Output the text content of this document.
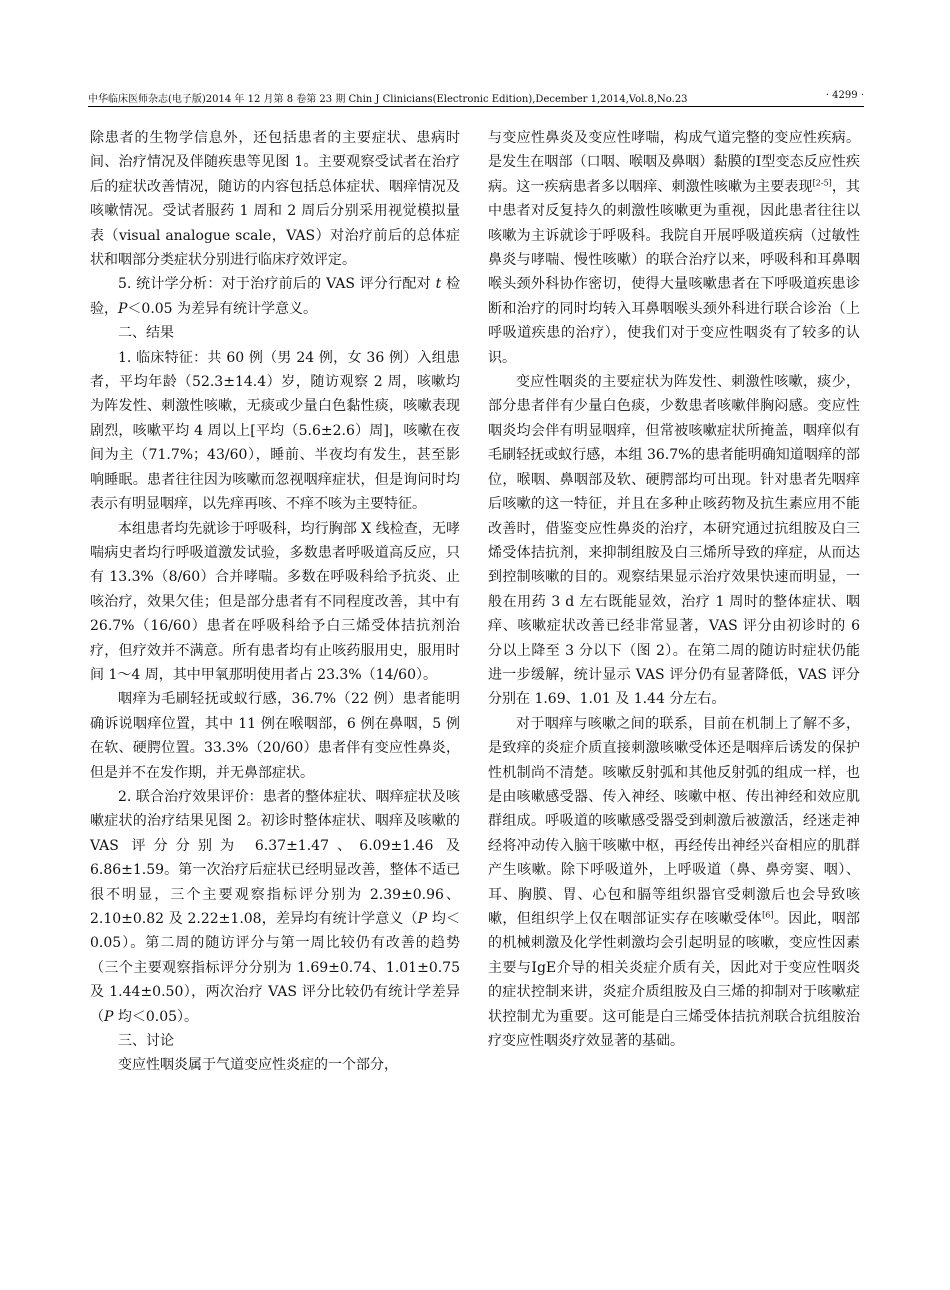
中华临床医师杂志(电子版)2014 年 12 月第 8 卷第 23 期 Chin J Clinicians(Electronic Edition),December 1,2014,Vol.8,No.23	· 4299 ·

除患者的生物学信息外，还包括患者的主要症状、患病时间、治疗情况及伴随疾患等见图 1。主要观察受试者在治疗后的症状改善情况，随访的内容包括总体症状、咽痒情况及咳嗽情况。受试者服药 1 周和 2 周后分别采用视觉模拟量表（visual analogue scale，VAS）对治疗前后的总体症状和咽部分类症状分别进行临床疗效评定。

5. 统计学分析：对于治疗前后的 VAS 评分行配对 t 检验，P＜0.05 为差异有统计学意义。

二、结果

1. 临床特征：共 60 例（男 24 例，女 36 例）入组患者，平均年龄（52.3±14.4）岁，随访观察 2 周，咳嗽均为阵发性、刺激性咳嗽，无痰或少量白色黏性痰，咳嗽表现剧烈，咳嗽平均 4 周以上[平均（5.6±2.6）周]，咳嗽在夜间为主（71.7%；43/60），睡前、半夜均有发生，甚至影响睡眠。患者往往因为咳嗽而忽视咽痒症状，但是询问时均表示有明显咽痒，以先痒再咳、不痒不咳为主要特征。

本组患者均先就诊于呼吸科，均行胸部 X 线检查，无哮喘病史者均行呼吸道激发试验，多数患者呼吸道高反应，只有 13.3%（8/60）合并哮喘。多数在呼吸科给予抗炎、止咳治疗，效果欠佳；但是部分患者有不同程度改善，其中有 26.7%（16/60）患者在呼吸科给予白三烯受体拮抗剂治疗，但疗效并不满意。所有患者均有止咳药服用史，服用时间 1～4 周，其中甲氧那明使用者占 23.3%（14/60）。

咽痒为毛刷轻抚或蚁行感，36.7%（22 例）患者能明确诉说咽痒位置，其中 11 例在喉咽部，6 例在鼻咽，5 例在软、硬腭位置。33.3%（20/60）患者伴有变应性鼻炎，但是并不在发作期，并无鼻部症状。

2. 联合治疗效果评价：患者的整体症状、咽痒症状及咳嗽症状的治疗结果见图 2。初诊时整体症状、咽痒及咳嗽的 VAS 评分分别为 6.37±1.47、6.09±1.46 及 6.86±1.59。第一次治疗后症状已经明显改善，整体不适已很不明显，三个主要观察指标评分别为 2.39±0.96、2.10±0.82 及 2.22±1.08，差异均有统计学意义（P 均＜0.05）。第二周的随访评分与第一周比较仍有改善的趋势（三个主要观察指标评分分别为 1.69±0.74、1.01±0.75 及 1.44±0.50），两次治疗 VAS 评分比较仍有统计学差异（P 均＜0.05）。

三、讨论

变应性咽炎属于气道变应性炎症的一个部分，

与变应性鼻炎及变应性哮喘，构成气道完整的变应性疾病。是发生在咽部（口咽、喉咽及鼻咽）黏膜的Ⅰ型变态反应性疾病。这一疾病患者多以咽痒、刺激性咳嗽为主要表现[2-5]，其中患者对反复持久的刺激性咳嗽更为重视，因此患者往往以咳嗽为主诉就诊于呼吸科。我院自开展呼吸道疾病（过敏性鼻炎与哮喘、慢性咳嗽）的联合治疗以来，呼吸科和耳鼻咽喉头颈外科协作密切，使得大量咳嗽患者在下呼吸道疾患诊断和治疗的同时均转入耳鼻咽喉头颈外科进行联合诊治（上呼吸道疾患的治疗），使我们对于变应性咽炎有了较多的认识。

变应性咽炎的主要症状为阵发性、刺激性咳嗽，痰少，部分患者伴有少量白色痰，少数患者咳嗽伴胸闷感。变应性咽炎均会伴有明显咽痒，但常被咳嗽症状所掩盖，咽痒似有毛刷轻抚或蚁行感，本组 36.7%的患者能明确知道咽痒的部位，喉咽、鼻咽部及软、硬腭部均可出现。针对患者先咽痒后咳嗽的这一特征，并且在多种止咳药物及抗生素应用不能改善时，借鉴变应性鼻炎的治疗，本研究通过抗组胺及白三烯受体拮抗剂，来抑制组胺及白三烯所导致的痒症，从而达到控制咳嗽的目的。观察结果显示治疗效果快速而明显，一般在用药 3 d 左右既能显效，治疗 1 周时的整体症状、咽痒、咳嗽症状改善已经非常显著，VAS 评分由初诊时的 6 分以上降至 3 分以下（图 2）。在第二周的随访时症状仍能进一步缓解，统计显示 VAS 评分仍有显著降低，VAS 评分分别在 1.69、1.01 及 1.44 分左右。

对于咽痒与咳嗽之间的联系，目前在机制上了解不多，是致痒的炎症介质直接刺激咳嗽受体还是咽痒后诱发的保护性机制尚不清楚。咳嗽反射弧和其他反射弧的组成一样，也是由咳嗽感受器、传入神经、咳嗽中枢、传出神经和效应肌群组成。呼吸道的咳嗽感受器受到刺激后被激活，经迷走神经将冲动传入脑干咳嗽中枢，再经传出神经兴奋相应的肌群产生咳嗽。除下呼吸道外，上呼吸道（鼻、鼻旁窦、咽）、耳、胸膜、胃、心包和膈等组织器官受刺激后也会导致咳嗽，但组织学上仅在咽部证实存在咳嗽受体[6]。因此，咽部的机械刺激及化学性刺激均会引起明显的咳嗽，变应性因素主要与IgE介导的相关炎症介质有关，因此对于变应性咽炎的症状控制来讲，炎症介质组胺及白三烯的抑制对于咳嗽症状控制尤为重要。这可能是白三烯受体拮抗剂联合抗组胺治疗变应性咽炎疗效显著的基础。
